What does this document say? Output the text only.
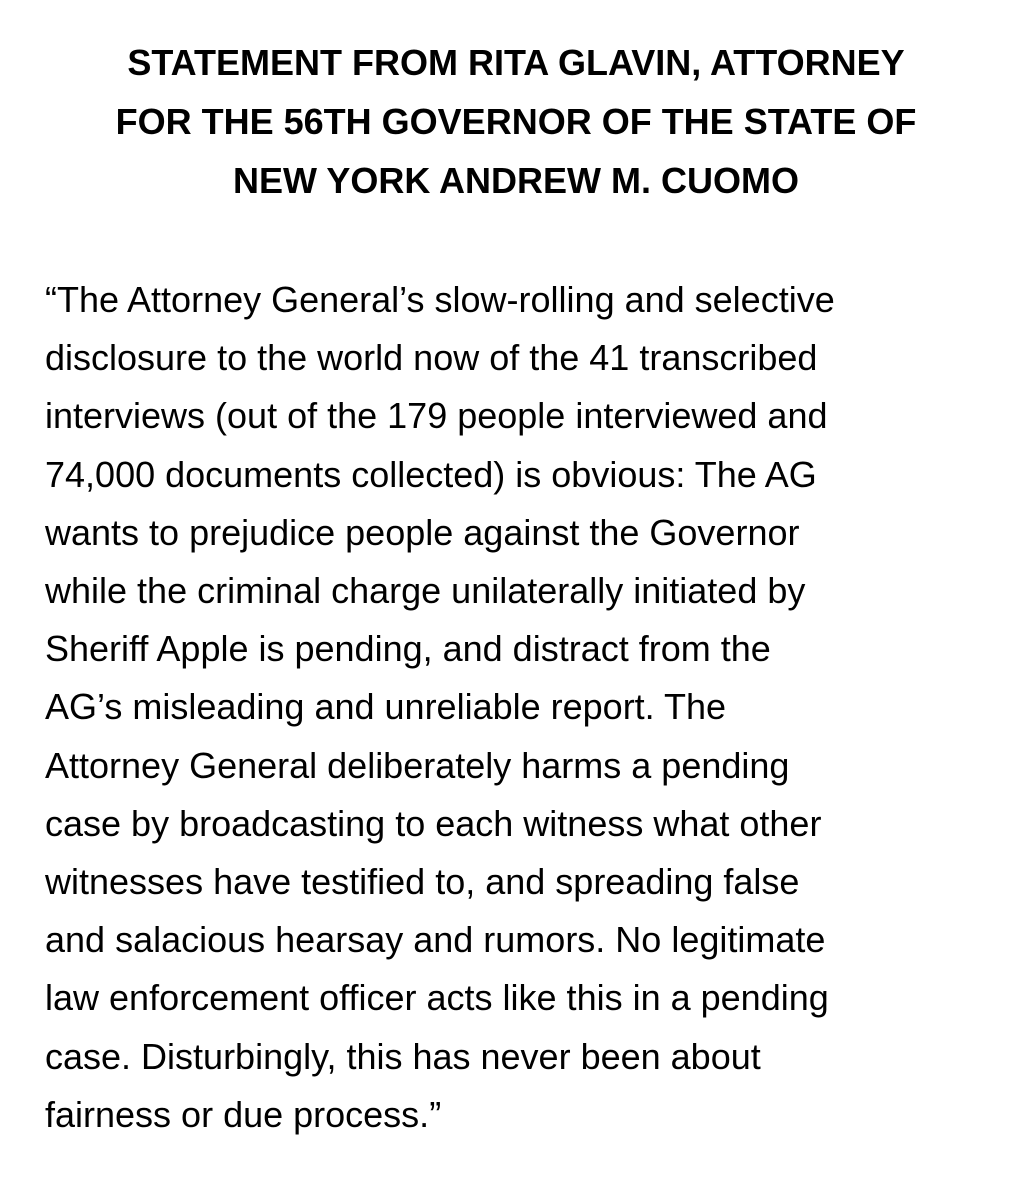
STATEMENT FROM RITA GLAVIN, ATTORNEY
FOR THE 56TH GOVERNOR OF THE STATE OF
NEW YORK ANDREW M. CUOMO
“The Attorney General’s slow-rolling and selective
disclosure to the world now of the 41 transcribed
interviews (out of the 179 people interviewed and
74,000 documents collected) is obvious: The AG
wants to prejudice people against the Governor
while the criminal charge unilaterally initiated by
Sheriff Apple is pending, and distract from the
AG’s misleading and unreliable report. The
Attorney General deliberately harms a pending
case by broadcasting to each witness what other
witnesses have testified to, and spreading false
and salacious hearsay and rumors. No legitimate
law enforcement officer acts like this in a pending
case. Disturbingly, this has never been about
fairness or due process.”
